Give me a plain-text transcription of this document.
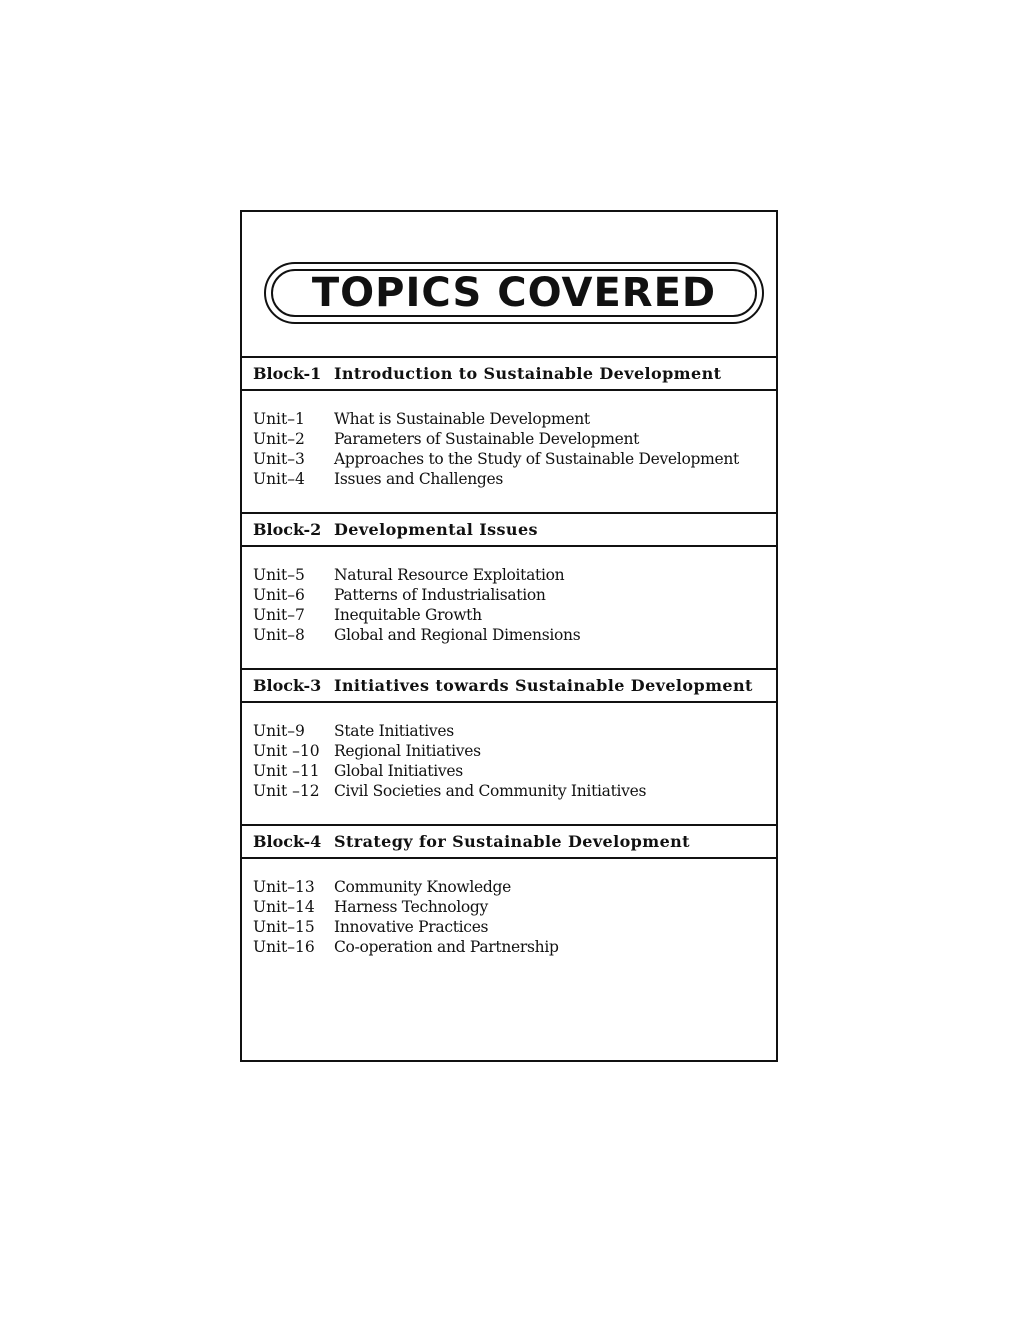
TOPICS COVERED
Block-1 Introduction to Sustainable Development
Unit–1 What is Sustainable Development
Unit–2 Parameters of Sustainable Development
Unit–3 Approaches to the Study of Sustainable Development
Unit–4 Issues and Challenges
Block-2 Developmental Issues
Unit–5 Natural Resource Exploitation
Unit–6 Patterns of Industrialisation
Unit–7 Inequitable Growth
Unit–8 Global and Regional Dimensions
Block-3 Initiatives towards Sustainable Development
Unit–9 State Initiatives
Unit –10 Regional Initiatives
Unit –11 Global Initiatives
Unit –12 Civil Societies and Community Initiatives
Block-4 Strategy for Sustainable Development
Unit–13 Community Knowledge
Unit–14 Harness Technology
Unit–15 Innovative Practices
Unit–16 Co-operation and Partnership
